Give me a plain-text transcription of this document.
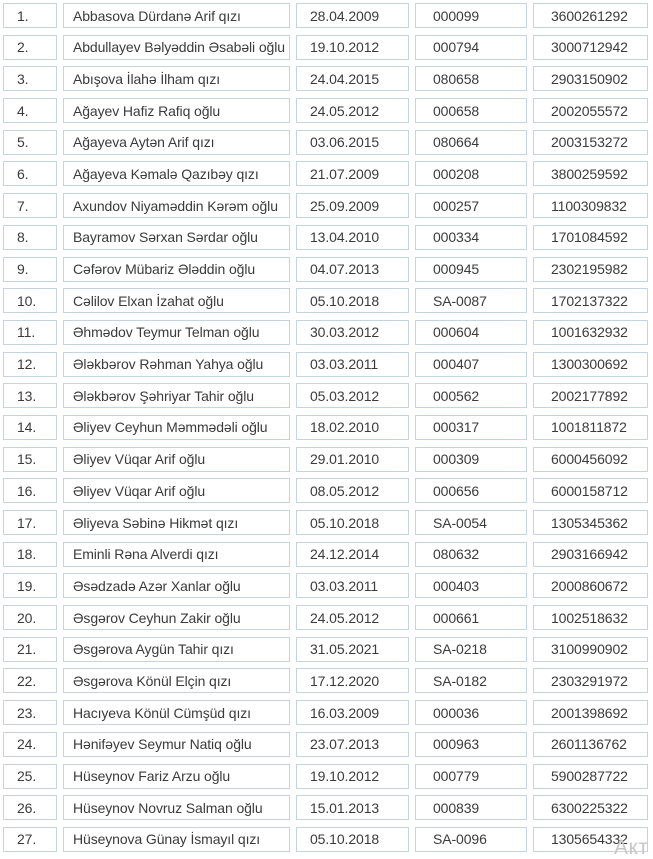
1.	Abbasova Dürdanə Arif qızı	28.04.2009	000099	3600261292
2.	Abdullayev Bəlyəddin Əsabəli oğlu	19.10.2012	000794	3000712942
3.	Abışova İlahə İlham qızı	24.04.2015	080658	2903150902
4.	Ağayev Hafiz Rafiq oğlu	24.05.2012	000658	2002055572
5.	Ağayeva Aytən Arif qızı	03.06.2015	080664	2003153272
6.	Ağayeva Kəmalə Qazıbəy qızı	21.07.2009	000208	3800259592
7.	Axundov Niyaməddin Kərəm oğlu	25.09.2009	000257	1100309832
8.	Bayramov Sərxan Sərdar oğlu	13.04.2010	000334	1701084592
9.	Cəfərov Mübariz Ələddin oğlu	04.07.2013	000945	2302195982
10.	Cəlilov Elxan İzahat oğlu	05.10.2018	SA-0087	1702137322
11.	Əhmədov Teymur Telman oğlu	30.03.2012	000604	1001632932
12.	Ələkbərov Rəhman Yahya oğlu	03.03.2011	000407	1300300692
13.	Ələkbərov Şəhriyar Tahir oğlu	05.03.2012	000562	2002177892
14.	Əliyev Ceyhun Məmmədəli oğlu	18.02.2010	000317	1001811872
15.	Əliyev Vüqar Arif oğlu	29.01.2010	000309	6000456092
16.	Əliyev Vüqar Arif oğlu	08.05.2012	000656	6000158712
17.	Əliyeva Səbinə Hikmət qızı	05.10.2018	SA-0054	1305345362
18.	Eminli Rəna Alverdi qızı	24.12.2014	080632	2903166942
19.	Əsədzadə Azər Xanlar oğlu	03.03.2011	000403	2000860672
20.	Əsgərov Ceyhun Zakir oğlu	24.05.2012	000661	1002518632
21.	Əsgərova Aygün Tahir qızı	31.05.2021	SA-0218	3100990902
22.	Əsgərova Könül Elçin qızı	17.12.2020	SA-0182	2303291972
23.	Hacıyeva Könül Cümşüd qızı	16.03.2009	000036	2001398692
24.	Hənifəyev Seymur Natiq oğlu	23.07.2013	000963	2601136762
25.	Hüseynov Fariz Arzu oğlu	19.10.2012	000779	5900287722
26.	Hüseynov Novruz Salman oğlu	15.01.2013	000839	6300225322
27.	Hüseynova Günay İsmayıl qızı	05.10.2018	SA-0096	1305654332
Акт
